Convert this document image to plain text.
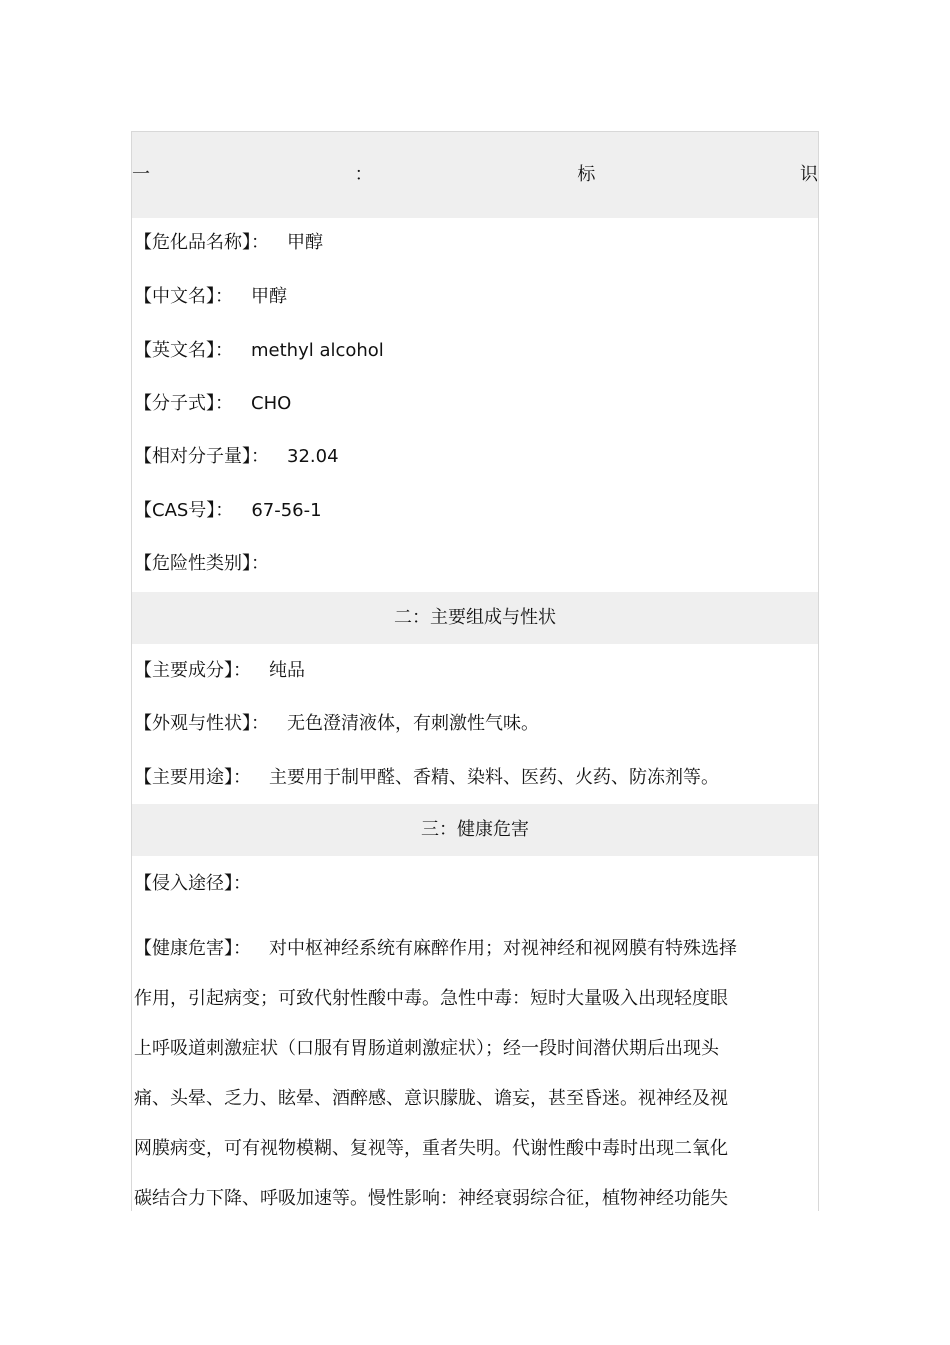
一	：	标	识
【危化品名称】： 甲醇
【中文名】： 甲醇
【英文名】： methyl alcohol
【分子式】： CHO
【相对分子量】： 32.04
【CAS号】： 67-56-1
【危险性类别】：
二：主要组成与性状
【主要成分】： 纯品
【外观与性状】： 无色澄清液体，有刺激性气味。
【主要用途】： 主要用于制甲醛、香精、染料、医药、火药、防冻剂等。
三：健康危害
【侵入途径】：
【健康危害】： 对中枢神经系统有麻醉作用；对视神经和视网膜有特殊选择
作用，引起病变；可致代射性酸中毒。急性中毒：短时大量吸入出现轻度眼
上呼吸道刺激症状（口服有胃肠道刺激症状）；经一段时间潜伏期后出现头
痛、头晕、乏力、眩晕、酒醉感、意识朦胧、谵妄，甚至昏迷。视神经及视
网膜病变，可有视物模糊、复视等，重者失明。代谢性酸中毒时出现二氧化
碳结合力下降、呼吸加速等。慢性影响：神经衰弱综合征，植物神经功能失
